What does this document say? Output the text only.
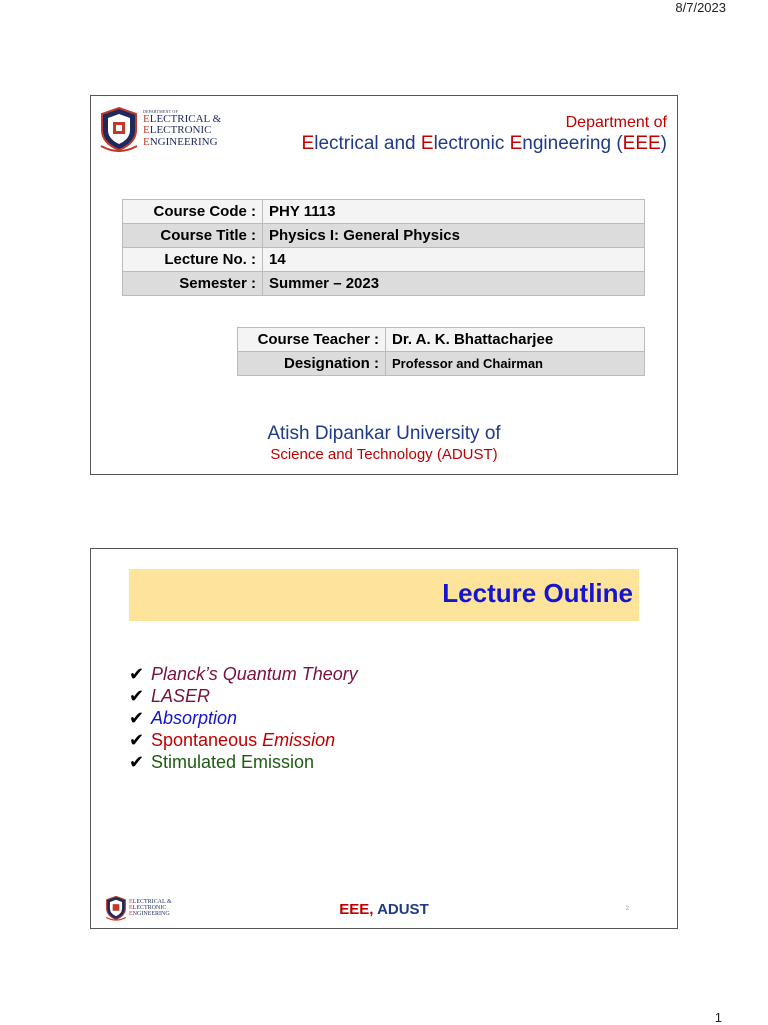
8/7/2023
DEPARTMENT OF
ELECTRICAL &
ELECTRONIC
ENGINEERING
Department of
Electrical and Electronic Engineering (EEE)
Course Code :	PHY 1113
Course Title :	Physics I: General Physics
Lecture No. :	14
Semester :	Summer – 2023
Course Teacher :	Dr. A. K. Bhattacharjee
Designation :	Professor and Chairman
Atish Dipankar University of
Science and Technology (ADUST)
Lecture Outline
✔ Planck’s Quantum Theory
✔ LASER
✔ Absorption
✔ Spontaneous Emission
✔ Stimulated Emission
ELECTRICAL &
ELECTRONIC
ENGINEERING	EEE, ADUST	2
1
